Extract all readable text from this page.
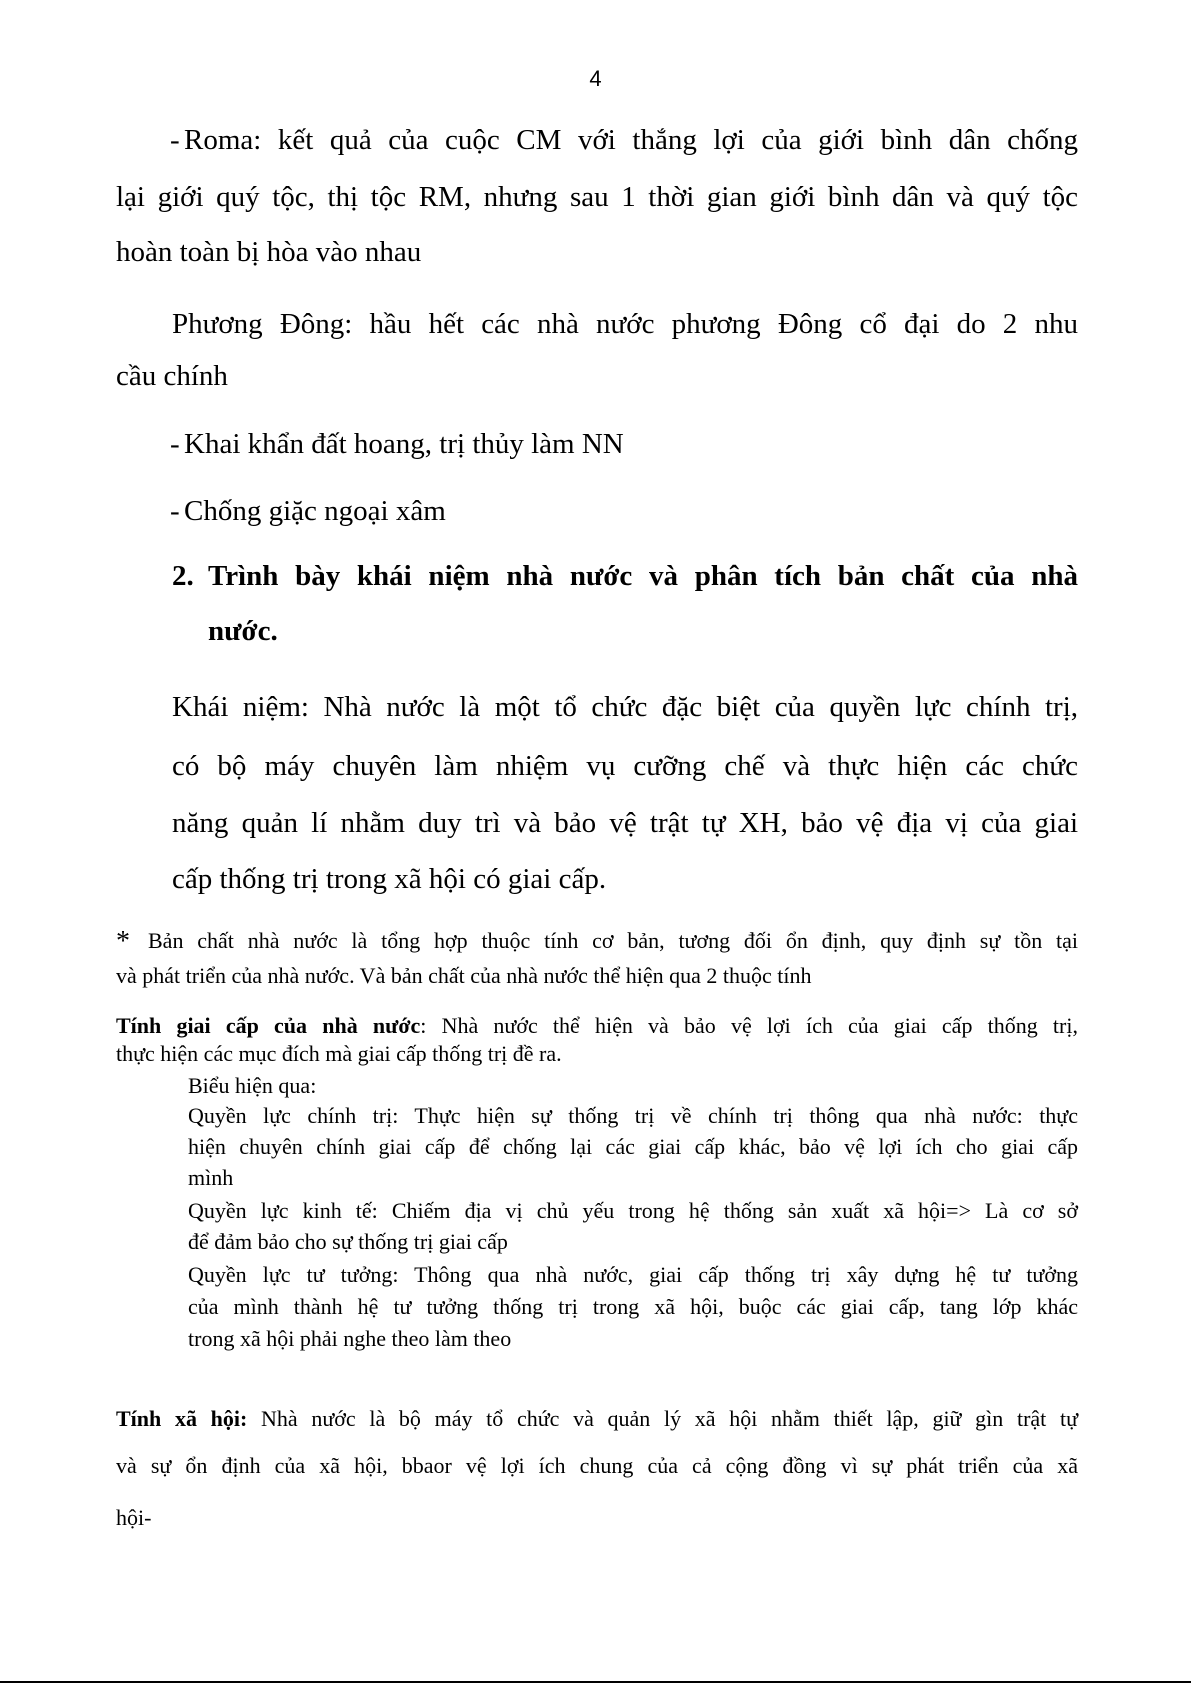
4
- Roma: kết quả của cuộc CM với thắng lợi của giới bình dân chống
lại giới quý tộc, thị tộc RM, nhưng sau 1 thời gian giới bình dân và quý tộc
hoàn toàn bị hòa vào nhau
Phương Đông: hầu hết các nhà nước phương Đông cổ đại do 2 nhu
cầu chính
- Khai khẩn đất hoang, trị thủy làm NN
- Chống giặc ngoại xâm
2. Trình bày khái niệm nhà nước và phân tích bản chất của nhà
nước.
Khái niệm: Nhà nước là một tổ chức đặc biệt của quyền lực chính trị,
có bộ máy chuyên làm nhiệm vụ cưỡng chế và thực hiện các chức
năng quản lí nhằm duy trì và bảo vệ trật tự XH, bảo vệ địa vị của giai
cấp thống trị trong xã hội có giai cấp.
* Bản chất nhà nước là tổng hợp thuộc tính cơ bản, tương đối ổn định, quy định sự tồn tại
và phát triển của nhà nước. Và bản chất của nhà nước thể hiện qua 2 thuộc tính
Tính giai cấp của nhà nước: Nhà nước thể hiện và bảo vệ lợi ích của giai cấp thống trị,
thực hiện các mục đích mà giai cấp thống trị đề ra.
Biểu hiện qua:
Quyền lực chính trị: Thực hiện sự thống trị về chính trị thông qua nhà nước: thực
hiện chuyên chính giai cấp để chống lại các giai cấp khác, bảo vệ lợi ích cho giai cấp
mình
Quyền lực kinh tế: Chiếm địa vị chủ yếu trong hệ thống sản xuất xã hội=> Là cơ sở
để đảm bảo cho sự thống trị giai cấp
Quyền lực tư tưởng: Thông qua nhà nước, giai cấp thống trị xây dựng hệ tư tưởng
của mình thành hệ tư tưởng thống trị trong xã hội, buộc các giai cấp, tang lớp khác
trong xã hội phải nghe theo làm theo
Tính xã hội: Nhà nước là bộ máy tổ chức và quản lý xã hội nhằm thiết lập, giữ gìn trật tự
và sự ổn định của xã hội, bbaor vệ lợi ích chung của cả cộng đồng vì sự phát triển của xã
hội-
